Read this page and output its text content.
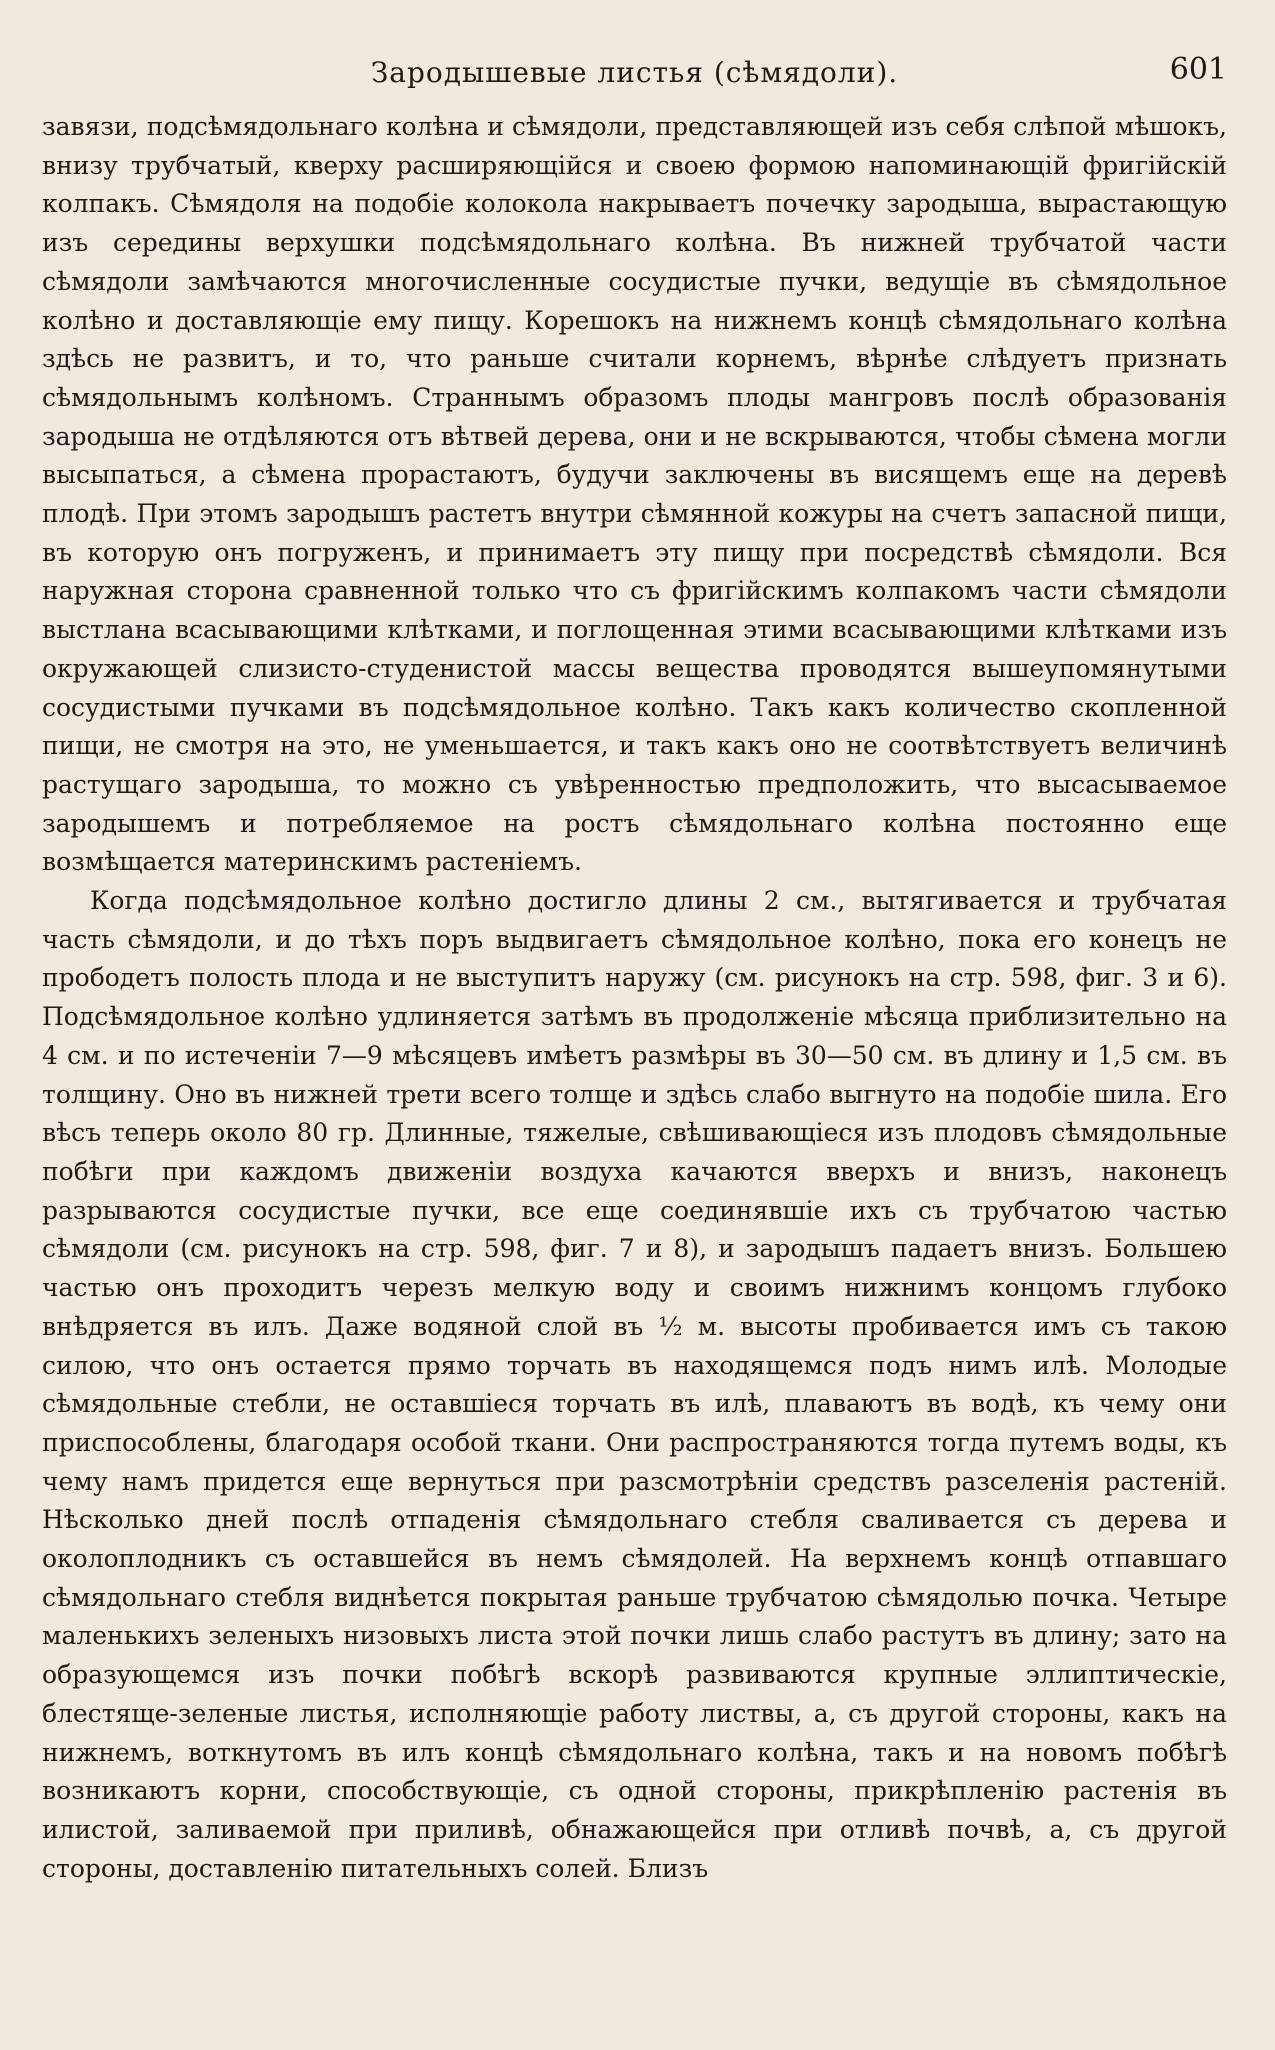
Зародышевые листья (сѣмядоли).	601

завязи, подсѣмядольнаго колѣна и сѣмядоли, представляющей изъ себя слѣпой мѣшокъ, внизу трубчатый, кверху расширяющійся и своею формою напоминающій фригійскій колпакъ. Сѣмядоля на подобіе колокола накрываетъ почечку зародыша, вырастающую изъ середины верхушки подсѣмядольнаго колѣна. Въ нижней трубчатой части сѣмядоли замѣчаются многочисленные сосудистые пучки, ведущіе въ сѣмядольное колѣно и доставляющіе ему пищу. Корешокъ на нижнемъ концѣ сѣмядольнаго колѣна здѣсь не развитъ, и то, что раньше считали корнемъ, вѣрнѣе слѣдуетъ признать сѣмядольнымъ колѣномъ. Страннымъ образомъ плоды мангровъ послѣ образованія зародыша не отдѣляются отъ вѣтвей дерева, они и не вскрываются, чтобы сѣмена могли высыпаться, а сѣмена прорастаютъ, будучи заключены въ висящемъ еще на деревѣ плодѣ. При этомъ зародышъ растетъ внутри сѣмянной кожуры на счетъ запасной пищи, въ которую онъ погруженъ, и принимаетъ эту пищу при посредствѣ сѣмядоли. Вся наружная сторона сравненной только что съ фригійскимъ колпакомъ части сѣмядоли выстлана всасывающими клѣтками, и поглощенная этими всасывающими клѣтками изъ окружающей слизисто-студенистой массы вещества проводятся вышеупомянутыми сосудистыми пучками въ подсѣмядольное колѣно. Такъ какъ количество скопленной пищи, не смотря на это, не уменьшается, и такъ какъ оно не соотвѣтствуетъ величинѣ растущаго зародыша, то можно съ увѣренностью предположить, что высасываемое зародышемъ и потребляемое на ростъ сѣмядольнаго колѣна постоянно еще возмѣщается материнскимъ растеніемъ.

Когда подсѣмядольное колѣно достигло длины 2 см., вытягивается и трубчатая часть сѣмядоли, и до тѣхъ поръ выдвигаетъ сѣмядольное колѣно, пока его конецъ не прободетъ полость плода и не выступитъ наружу (см. рисунокъ на стр. 598, фиг. 3 и 6). Подсѣмядольное колѣно удлиняется затѣмъ въ продолженіе мѣсяца приблизительно на 4 см. и по истеченіи 7—9 мѣсяцевъ имѣетъ размѣры въ 30—50 см. въ длину и 1,5 см. въ толщину. Оно въ нижней трети всего толще и здѣсь слабо выгнуто на подобіе шила. Его вѣсъ теперь около 80 гр. Длинные, тяжелые, свѣшивающіеся изъ плодовъ сѣмядольные побѣги при каждомъ движеніи воздуха качаются вверхъ и внизъ, наконецъ разрываются сосудистые пучки, все еще соединявшіе ихъ съ трубчатою частью сѣмядоли (см. рисунокъ на стр. 598, фиг. 7 и 8), и зародышъ падаетъ внизъ. Большею частью онъ проходитъ черезъ мелкую воду и своимъ нижнимъ концомъ глубоко внѣдряется въ илъ. Даже водяной слой въ ½ м. высоты пробивается имъ съ такою силою, что онъ остается прямо торчать въ находящемся подъ нимъ илѣ. Молодые сѣмядольные стебли, не оставшіеся торчать въ илѣ, плаваютъ въ водѣ, къ чему они приспособлены, благодаря особой ткани. Они распространяются тогда путемъ воды, къ чему намъ придется еще вернуться при разсмотрѣніи средствъ разселенія растеній. Нѣсколько дней послѣ отпаденія сѣмядольнаго стебля сваливается съ дерева и околоплодникъ съ оставшейся въ немъ сѣмядолей. На верхнемъ концѣ отпавшаго сѣмядольнаго стебля виднѣется покрытая раньше трубчатою сѣмядолью почка. Четыре маленькихъ зеленыхъ низовыхъ листа этой почки лишь слабо растутъ въ длину; зато на образующемся изъ почки побѣгѣ вскорѣ развиваются крупные эллиптическіе, блестяще-зеленые листья, исполняющіе работу листвы, а, съ другой стороны, какъ на нижнемъ, воткнутомъ въ илъ концѣ сѣмядольнаго колѣна, такъ и на новомъ побѣгѣ возникаютъ корни, способствующіе, съ одной стороны, прикрѣпленію растенія въ илистой, заливаемой при приливѣ, обнажающейся при отливѣ почвѣ, а, съ другой стороны, доставленію питательныхъ солей. Близъ
